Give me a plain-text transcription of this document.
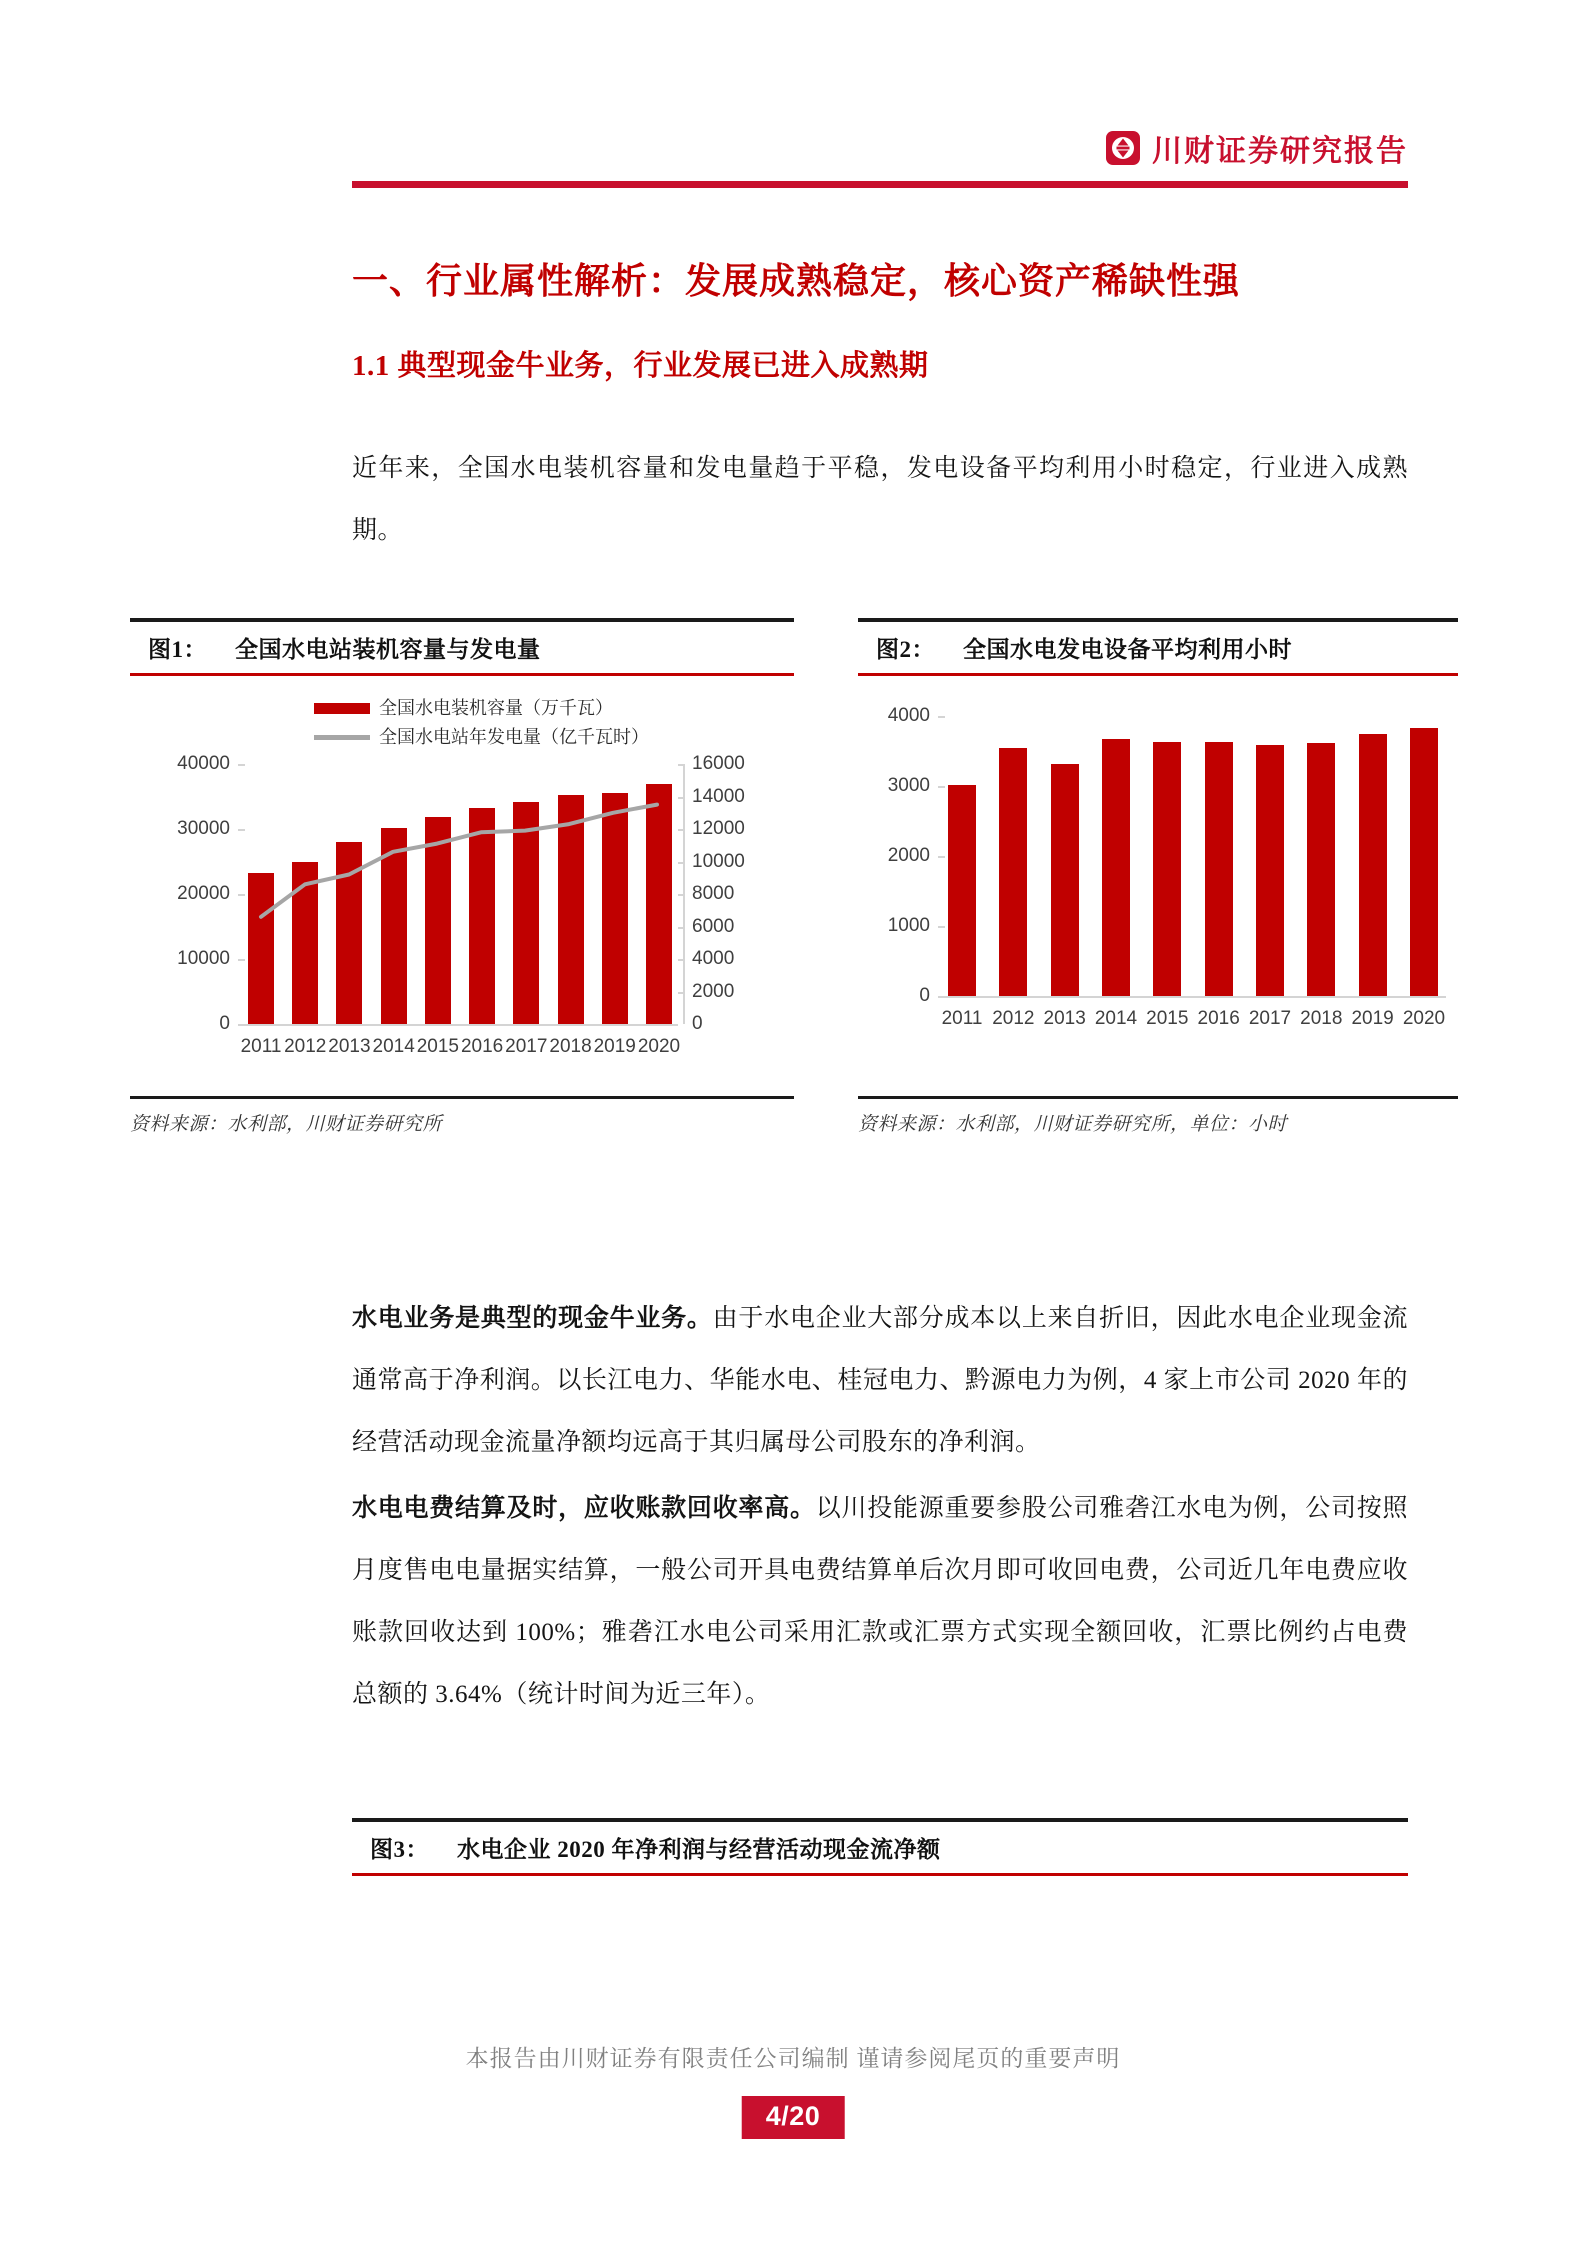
川财证券研究报告
一、行业属性解析：发展成熟稳定，核心资产稀缺性强
1.1 典型现金牛业务，行业发展已进入成熟期
近年来，全国水电装机容量和发电量趋于平稳，发电设备平均利用小时稳定，行业进入成熟期。
图1： 全国水电站装机容量与发电量
全国水电装机容量（万千瓦）
全国水电站年发电量（亿千瓦时）
40000
30000
20000
10000
0
16000
14000
12000
10000
8000
6000
4000
2000
0
2011 2012 2013 2014 2015 2016 2017 2018 2019 2020
资料来源：水利部，川财证券研究所
图2： 全国水电发电设备平均利用小时
4000
3000
2000
1000
0
2011 2012 2013 2014 2015 2016 2017 2018 2019 2020
资料来源：水利部，川财证券研究所，单位：小时
水电业务是典型的现金牛业务。由于水电企业大部分成本以上来自折旧，因此水电企业现金流通常高于净利润。以长江电力、华能水电、桂冠电力、黔源电力为例，4 家上市公司 2020 年的经营活动现金流量净额均远高于其归属母公司股东的净利润。
水电电费结算及时，应收账款回收率高。以川投能源重要参股公司雅砻江水电为例，公司按照月度售电电量据实结算，一般公司开具电费结算单后次月即可收回电费，公司近几年电费应收账款回收达到 100%；雅砻江水电公司采用汇款或汇票方式实现全额回收，汇票比例约占电费总额的 3.64%（统计时间为近三年）。
图3： 水电企业 2020 年净利润与经营活动现金流净额
本报告由川财证券有限责任公司编制 谨请参阅尾页的重要声明
4/20
